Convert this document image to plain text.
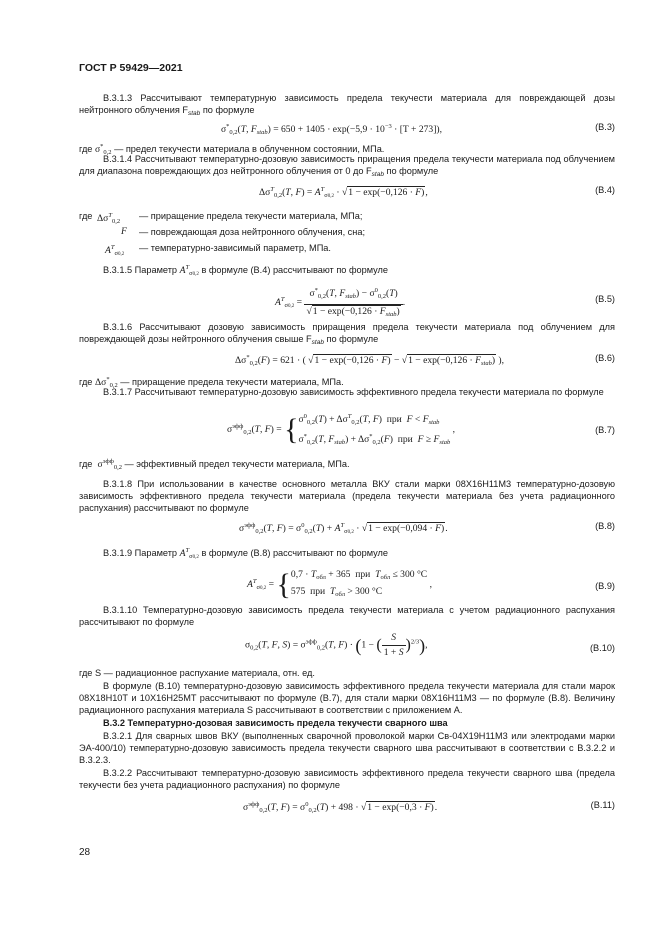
ГОСТ Р 59429—2021

В.3.1.3 Рассчитывают температурную зависимость предела текучести материала для повреждающей дозы нейтронного облучения $F_{stab}$ по формуле

$\sigma^*_{0,2}(T$, $F_{stab}) = 650 + 1405 \cdot \exp(-5,9 \cdot 10^{-3} \cdot [T + 273])$,	(В.3)
где $\sigma^*_{0,2}$ — предел текучести материала в облученном состоянии, МПа.

В.3.1.4 Рассчитывают температурно-дозовую зависимость приращения предела текучести материала под облучением для диапазона повреждающих доз нейтронного облучения от 0 до $F_{stab}$ по формуле

$\Delta\sigma^T_{0,2}(T$, $F) = A^T_{\sigma 0,2} \cdot √1 - \exp(-0,126 \cdot F)$,	(В.4)
где $\Delta\sigma^T_{0,2}$
— приращение предела текучести материала, МПа;
F — повреждающая доза нейтронного облучения, сна;
$A^T_{\sigma 0,2}$
— температурно-зависимый параметр, МПа.

В.3.1.5 Параметр $A^T_{\sigma 0,2}$ в формуле (В.4) рассчитывают по формуле

$A^T_{\sigma 0,2} = \frac{\sigma^*_{0,2}(T, F_{stab}) - \sigma^0_{0,2}(T)}{√1 - \exp(-0,126 \cdot F_{stab})}$ .	(В.5)

В.3.1.6 Рассчитывают дозовую зависимость приращения предела текучести материала под облучением для повреждающей дозы нейтронного облучения свыше $F_{stab}$ по формуле

$\Delta\sigma^*_{0,2}(F) = 621$ · ( $√1 - \exp(-0,126 \cdot F) - √1 - \exp(-0,126 \cdot F_{stab})$ ),	(В.6)
где $\Delta\sigma^*_{0,2}$ — приращение предела текучести материала, МПа.

В.3.1.7 Рассчитывают температурно-дозовую зависимость эффективного предела текучести материала по формуле

$\sigma^{эфф}_{0,2}(T$, $F) = \{\sigma^0_{0,2}(T) + \Delta\sigma^T_{0,2}(T$, F)  при  $F < F_{stab}$
$\sigma^*_{0,2}(T$, $F_{stab}) + \Delta\sigma^*_{0,2}(F)$  при  $F \ge F_{stab}$ ,	(В.7)
где $\sigma^{эфф}_{0,2}$ — эффективный предел текучести материала, МПа.

В.3.1.8 При использовании в качестве основного металла ВКУ стали марки 08Х16Н11М3 температурно-дозовую зависимость эффективного предела текучести материала (предела текучести материала без учета радиационного распухания) рассчитывают по формуле

$\sigma^{эфф}_{0,2}(T$, $F) = \sigma^0_{0,2}(T) + A^T_{\sigma 0,2} \cdot √1 - \exp(-0,094 \cdot F)$.	(В.8)

В.3.1.9 Параметр $A^T_{\sigma 0,2}$ в формуле (В.8) рассчитывают по формуле

$A^T_{\sigma 0,2} = \{0,7 \cdot T_{обл} + 365$  при  $T_{обл} \le 300$ °С
575  при  $T_{обл} > 300$ °С ,	(В.9)

В.3.1.10 Температурно-дозовую зависимость предела текучести материала с учетом радиационного распухания рассчитывают по формуле

$\sigma_{0,2}(T$, F, $S) = \sigma^{эфф}_{0,2}(T$, F) · (1 − ( $\frac{S}{1 + S} )^{2/3}$),	(В.10)

где S — радиационное распухание материала, отн. ед.

В формуле (В.10) температурно-дозовую зависимость эффективного предела текучести материала для стали марок 08Х18Н10Т и 10Х16Н25МТ рассчитывают по формуле (В.7), для стали марки 08Х16Н11М3 — по формуле (В.8). Величину радиационного распухания материала S рассчитывают в соответствии с приложением А.

В.3.2 Температурно-дозовая зависимость предела текучести сварного шва

В.3.2.1 Для сварных швов ВКУ (выполненных сварочной проволокой марки Св-04Х19Н11М3 или электродами марки ЭА-400/10) температурно-дозовую зависимость предела текучести сварного шва рассчитывают в соответствии с В.3.2.2 и В.3.2.3.

В.3.2.2 Рассчитывают температурно-дозовую зависимость эффективного предела текучести сварного шва (предела текучести без учета радиационного распухания) по формуле

$\sigma^{эфф}_{0,2}(T$, $F) = \sigma^0_{0,2}(T) + 498 \cdot √1 - \exp(-0,3 \cdot F)$.	(В.11)
28
